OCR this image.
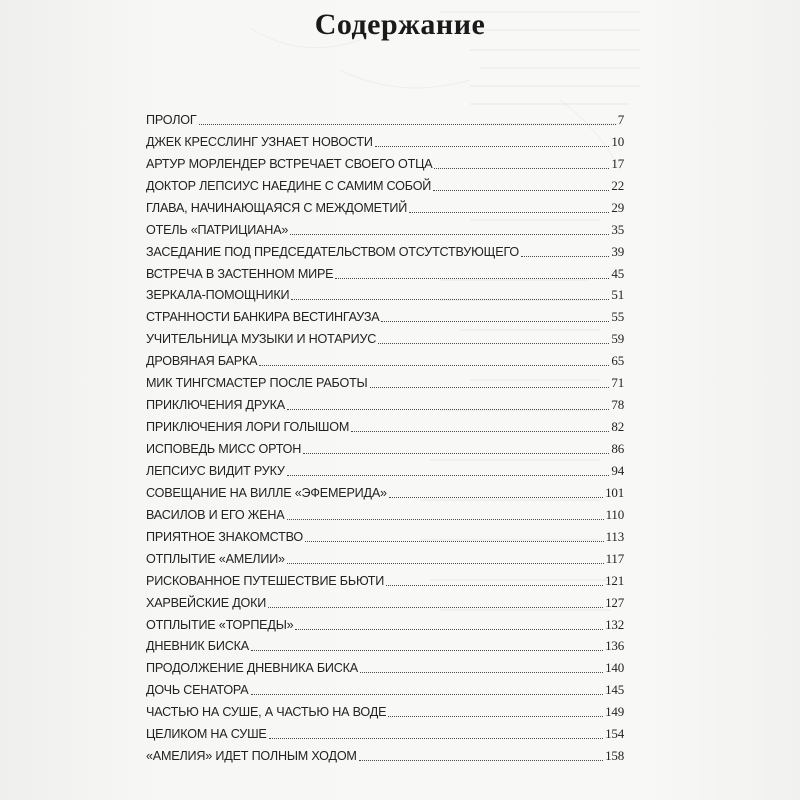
Содержание
ПРОЛОГ	7
ДЖЕК КРЕССЛИНГ УЗНАЕТ НОВОСТИ	10
АРТУР МОРЛЕНДЕР ВСТРЕЧАЕТ СВОЕГО ОТЦА	17
ДОКТОР ЛЕПСИУС НАЕДИНЕ С САМИМ СОБОЙ	22
ГЛАВА, НАЧИНАЮЩАЯСЯ С МЕЖДОМЕТИЙ	29
ОТЕЛЬ «ПАТРИЦИАНА»	35
ЗАСЕДАНИЕ ПОД ПРЕДСЕДАТЕЛЬСТВОМ ОТСУТСТВУЮЩЕГО	39
ВСТРЕЧА В ЗАСТЕННОМ МИРЕ	45
ЗЕРКАЛА-ПОМОЩНИКИ	51
СТРАННОСТИ БАНКИРА ВЕСТИНГАУЗА	55
УЧИТЕЛЬНИЦА МУЗЫКИ И НОТАРИУС	59
ДРОВЯНАЯ БАРКА	65
МИК ТИНГСМАСТЕР ПОСЛЕ РАБОТЫ	71
ПРИКЛЮЧЕНИЯ ДРУКА	78
ПРИКЛЮЧЕНИЯ ЛОРИ ГОЛЫШОМ	82
ИСПОВЕДЬ МИСС ОРТОН	86
ЛЕПСИУС ВИДИТ РУКУ	94
СОВЕЩАНИЕ НА ВИЛЛЕ «ЭФЕМЕРИДА»	101
ВАСИЛОВ И ЕГО ЖЕНА	110
ПРИЯТНОЕ ЗНАКОМСТВО	113
ОТПЛЫТИЕ «АМЕЛИИ»	117
РИСКОВАННОЕ ПУТЕШЕСТВИЕ БЬЮТИ	121
ХАРВЕЙСКИЕ ДОКИ	127
ОТПЛЫТИЕ «ТОРПЕДЫ»	132
ДНЕВНИК БИСКА	136
ПРОДОЛЖЕНИЕ ДНЕВНИКА БИСКА	140
ДОЧЬ СЕНАТОРА	145
ЧАСТЬЮ НА СУШЕ, А ЧАСТЬЮ НА ВОДЕ	149
ЦЕЛИКОМ НА СУШЕ	154
«АМЕЛИЯ» ИДЕТ ПОЛНЫМ ХОДОМ	158
